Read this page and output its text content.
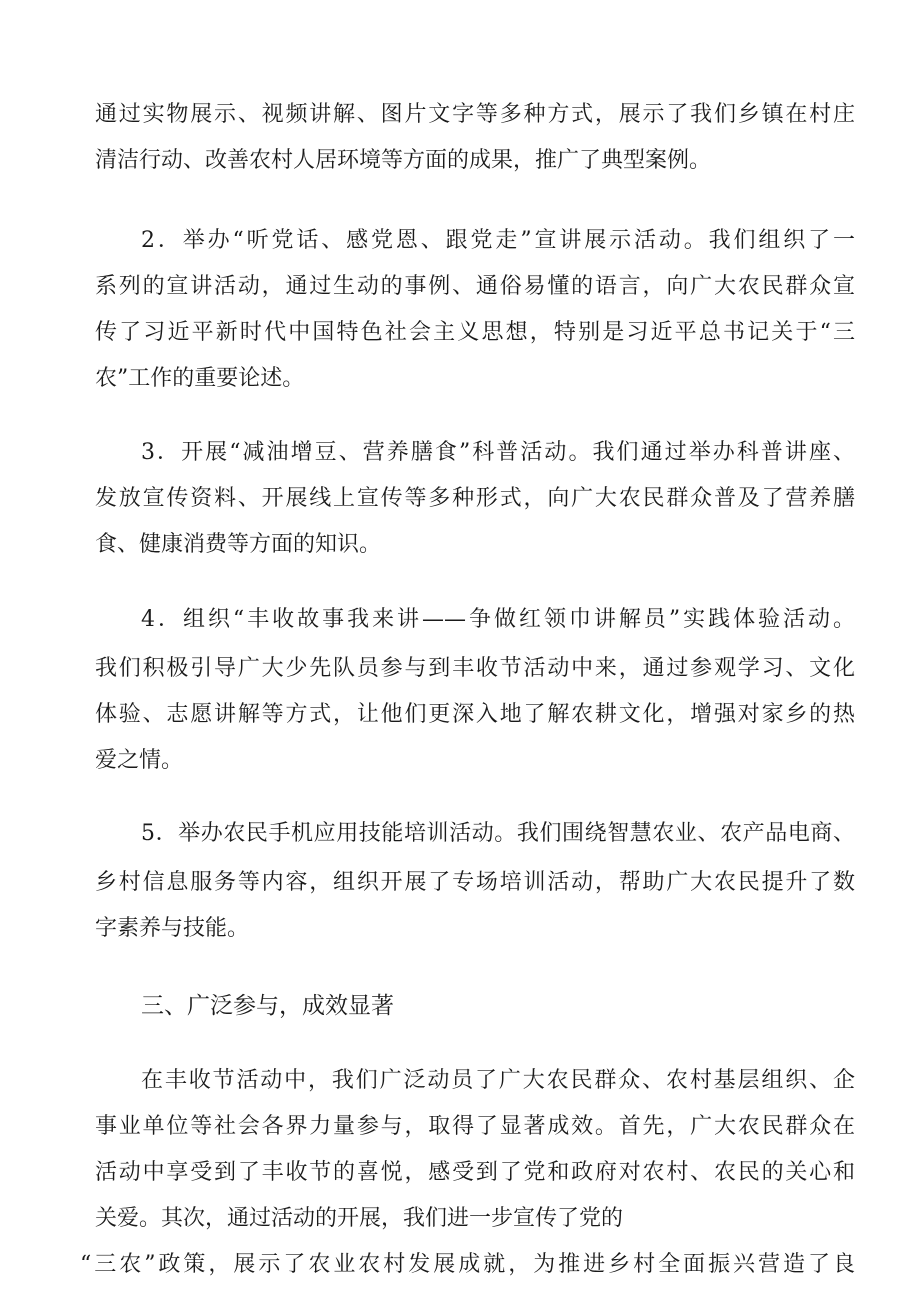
通过实物展示、视频讲解、图片文字等多种方式，展示了我们乡镇在村庄
清洁行动、改善农村人居环境等方面的成果，推广了典型案例。
2．举办“听党话、感党恩、跟党走”宣讲展示活动。我们组织了一
系列的宣讲活动，通过生动的事例、通俗易懂的语言，向广大农民群众宣
传了习近平新时代中国特色社会主义思想，特别是习近平总书记关于“三
农”工作的重要论述。
3．开展“减油增豆、营养膳食”科普活动。我们通过举办科普讲座、
发放宣传资料、开展线上宣传等多种形式，向广大农民群众普及了营养膳
食、健康消费等方面的知识。
4．组织“丰收故事我来讲——争做红领巾讲解员”实践体验活动。
我们积极引导广大少先队员参与到丰收节活动中来，通过参观学习、文化
体验、志愿讲解等方式，让他们更深入地了解农耕文化，增强对家乡的热
爱之情。
5．举办农民手机应用技能培训活动。我们围绕智慧农业、农产品电商、
乡村信息服务等内容，组织开展了专场培训活动，帮助广大农民提升了数
字素养与技能。
三、广泛参与，成效显著
在丰收节活动中，我们广泛动员了广大农民群众、农村基层组织、企
事业单位等社会各界力量参与，取得了显著成效。首先，广大农民群众在
活动中享受到了丰收节的喜悦，感受到了党和政府对农村、农民的关心和
关爱。其次，通过活动的开展，我们进一步宣传了党的
“三农”政策，展示了农业农村发展成就，为推进乡村全面振兴营造了良
